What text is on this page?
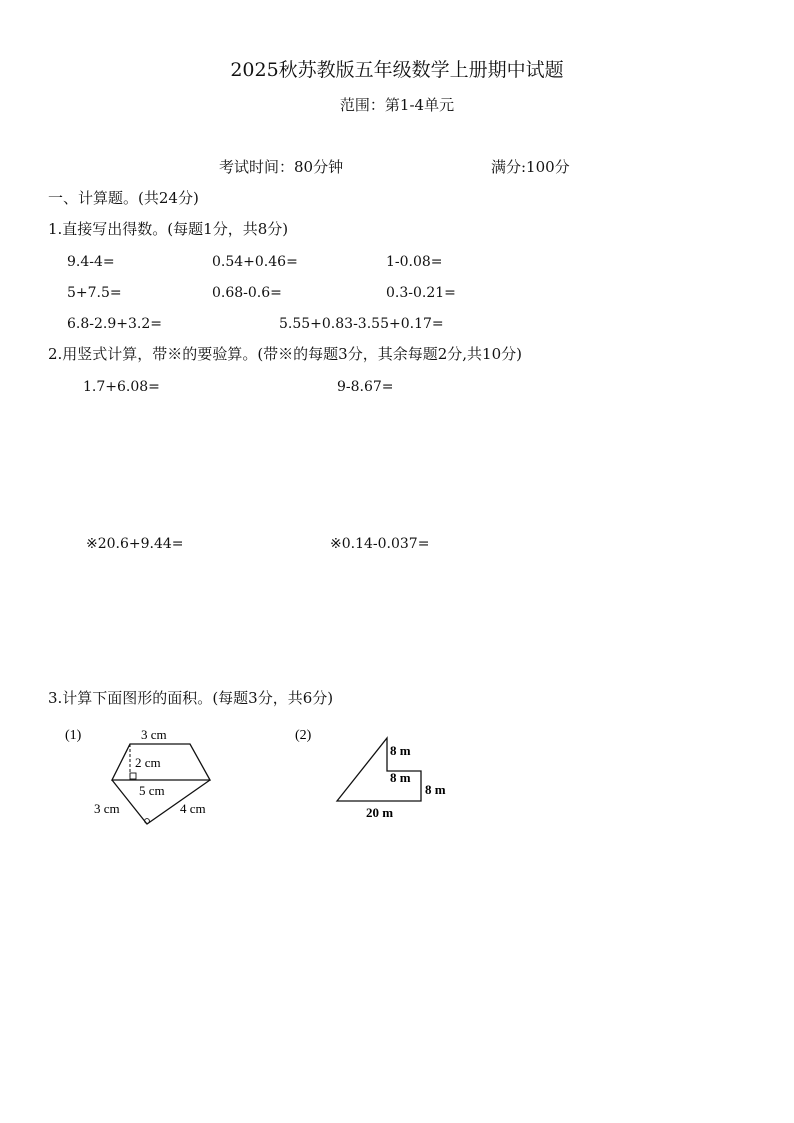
2025秋苏教版五年级数学上册期中试题
范围：第1-4单元
考试时间：80分钟	满分:100分
一、计算题。(共24分)
1.直接写出得数。(每题1分，共8分)
9.4-4=	0.54+0.46=	1-0.08=
5+7.5=	0.68-0.6=	0.3-0.21=
6.8-2.9+3.2=	5.55+0.83-3.55+0.17=
2.用竖式计算，带※的要验算。(带※的每题3分，其余每题2分,共10分)
1.7+6.08=	9-8.67=
※20.6+9.44=	※0.14-0.037=
3.计算下面图形的面积。(每题3分，共6分)
(1)	3 cm
2 cm
5 cm
3 cm	4 cm
(2)
8 m
8 m
8 m
20 m
